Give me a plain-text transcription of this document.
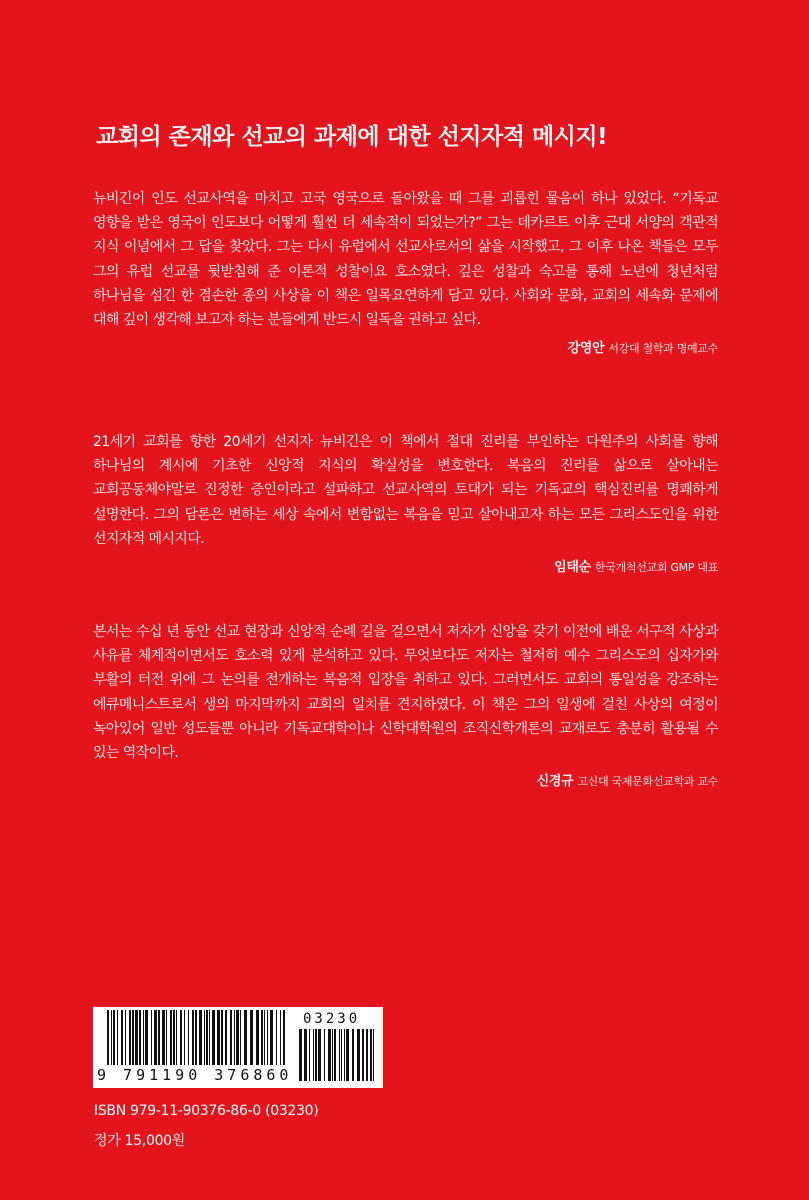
교회의 존재와 선교의 과제에 대한 선지자적 메시지!

뉴비긴이 인도 선교사역을 마치고 고국 영국으로 돌아왔을 때 그를 괴롭힌 물음이 하나 있었다. “기독교 영향을 받은 영국이 인도보다 어떻게 훨씬 더 세속적이 되었는가?” 그는 데카르트 이후 근대 서양의 객관적 지식 이념에서 그 답을 찾았다. 그는 다시 유럽에서 선교사로서의 삶을 시작했고, 그 이후 나온 책들은 모두 그의 유럽 선교를 뒷받침해 준 이론적 성찰이요 호소였다. 깊은 성찰과 숙고를 통해 노년에 청년처럼 하나님을 섬긴 한 겸손한 종의 사상을 이 책은 일목요연하게 담고 있다. 사회와 문화, 교회의 세속화 문제에 대해 깊이 생각해 보고자 하는 분들에게 반드시 일독을 권하고 싶다.

강영안 서강대 철학과 명예교수

21세기 교회를 향한 20세기 선지자 뉴비긴은 이 책에서 절대 진리를 부인하는 다원주의 사회를 향해 하나님의 계시에 기초한 신앙적 지식의 확실성을 변호한다. 복음의 진리를 삶으로 살아내는 교회공동체야말로 진정한 증인이라고 설파하고 선교사역의 토대가 되는 기독교의 핵심진리를 명쾌하게 설명한다. 그의 담론은 변하는 세상 속에서 변함없는 복음을 믿고 살아내고자 하는 모든 그리스도인을 위한 선지자적 메시지다.

임태순 한국개척선교회 GMP 대표

본서는 수십 년 동안 선교 현장과 신앙적 순례 길을 걸으면서 저자가 신앙을 갖기 이전에 배운 서구적 사상과 사유를 체계적이면서도 호소력 있게 분석하고 있다. 무엇보다도 저자는 철저히 예수 그리스도의 십자가와 부활의 터전 위에 그 논의를 전개하는 복음적 입장을 취하고 있다. 그러면서도 교회의 통일성을 강조하는 에큐메니스트로서 생의 마지막까지 교회의 일치를 견지하였다. 이 책은 그의 일생에 걸친 사상의 여정이 녹아있어 일반 성도들뿐 아니라 기독교대학이나 신학대학원의 조직신학개론의 교재로도 충분히 활용될 수 있는 역작이다.

신경규 고신대 국제문화선교학과 교수
03230
9 791190 376860
ISBN 979-11-90376-86-0 (03230)
정가 15,000원
